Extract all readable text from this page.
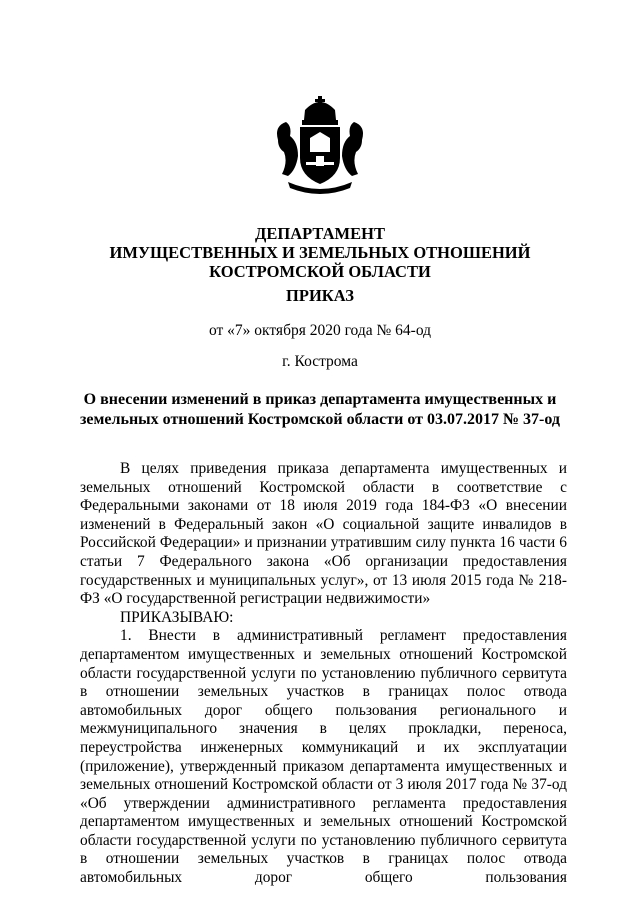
ДЕПАРТАМЕНТ
ИМУЩЕСТВЕННЫХ И ЗЕМЕЛЬНЫХ ОТНОШЕНИЙ
КОСТРОМСКОЙ ОБЛАСТИ
ПРИКАЗ
от «7» октября 2020 года № 64-од
г. Кострома
О внесении изменений в приказ департамента имущественных и
земельных отношений Костромской области от 03.07.2017 № 37-од

В целях приведения приказа департамента имущественных и земельных отношений Костромской области в соответствие с Федеральными законами от 18 июля 2019 года 184-ФЗ «О внесении изменений в Федеральный закон «О социальной защите инвалидов в Российской Федерации» и признании утратившим силу пункта 16 части 6 статьи 7 Федерального закона «Об организации предоставления государственных и муниципальных услуг», от 13 июля 2015 года № 218-ФЗ «О государственной регистрации недвижимости»

ПРИКАЗЫВАЮ:

1. Внести в административный регламент предоставления департаментом имущественных и земельных отношений Костромской области государственной услуги по установлению публичного сервитута в отношении земельных участков в границах полос отвода автомобильных дорог общего пользования регионального и межмуниципального значения в целях прокладки, переноса, переустройства инженерных коммуникаций и их эксплуатации (приложение), утвержденный приказом департамента имущественных и земельных отношений Костромской области от 3 июля 2017 года № 37-од «Об утверждении административного регламента предоставления департаментом имущественных и земельных отношений Костромской области государственной услуги по установлению публичного сервитута в отношении земельных участков в границах полос отвода автомобильных дорог общего пользования
